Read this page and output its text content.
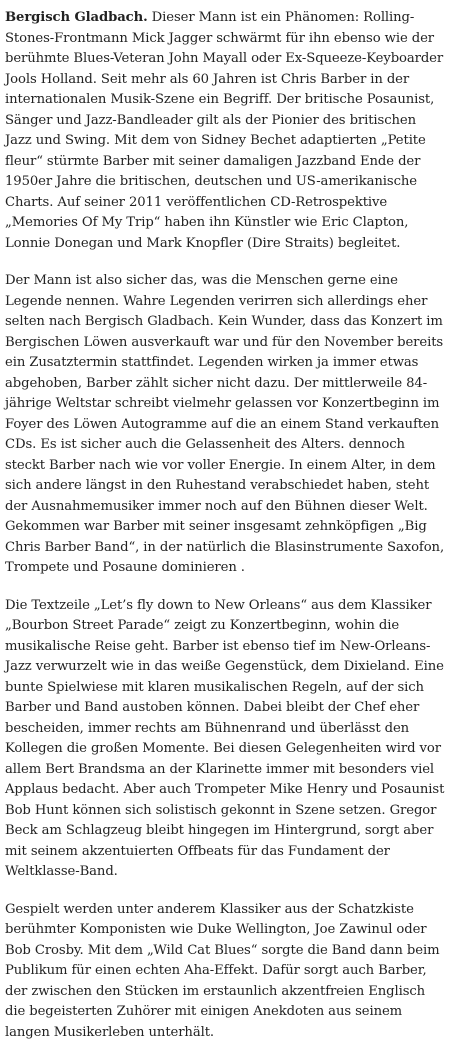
Bergisch Gladbach. Dieser Mann ist ein Phänomen: Rolling-Stones-Frontmann Mick Jagger schwärmt für ihn ebenso wie der berühmte Blues-Veteran John Mayall oder Ex-Squeeze-Keyboarder Jools Holland. Seit mehr als 60 Jahren ist Chris Barber in der internationalen Musik-Szene ein Begriff. Der britische Posaunist, Sänger und Jazz-Bandleader gilt als der Pionier des britischen Jazz und Swing. Mit dem von Sidney Bechet adaptierten „Petite fleur“ stürmte Barber mit seiner damaligen Jazzband Ende der 1950er Jahre die britischen, deutschen und US-amerikanische Charts. Auf seiner 2011 veröffentlichen CD-Retrospektive „Memories Of My Trip“ haben ihn Künstler wie Eric Clapton, Lonnie Donegan und Mark Knopfler (Dire Straits) begleitet.

Der Mann ist also sicher das, was die Menschen gerne eine Legende nennen. Wahre Legenden verirren sich allerdings eher selten nach Bergisch Gladbach. Kein Wunder, dass das Konzert im Bergischen Löwen ausverkauft war und für den November bereits ein Zusatztermin stattfindet. Legenden wirken ja immer etwas abgehoben, Barber zählt sicher nicht dazu. Der mittlerweile 84-jährige Weltstar schreibt vielmehr gelassen vor Konzertbeginn im Foyer des Löwen Autogramme auf die an einem Stand verkauften CDs. Es ist sicher auch die Gelassenheit des Alters. dennoch steckt Barber nach wie vor voller Energie. In einem Alter, in dem sich andere längst in den Ruhestand verabschiedet haben, steht der Ausnahmemusiker immer noch auf den Bühnen dieser Welt. Gekommen war Barber mit seiner insgesamt zehnköpfigen „Big Chris Barber Band“, in der natürlich die Blasinstrumente Saxofon, Trompete und Posaune dominieren .

Die Textzeile „Let’s fly down to New Orleans“ aus dem Klassiker „Bourbon Street Parade“ zeigt zu Konzertbeginn, wohin die musikalische Reise geht. Barber ist ebenso tief im New-Orleans-Jazz verwurzelt wie in das weiße Gegenstück, dem Dixieland. Eine bunte Spielwiese mit klaren musikalischen Regeln, auf der sich Barber und Band austoben können. Dabei bleibt der Chef eher bescheiden, immer rechts am Bühnenrand und überlässt den Kollegen die großen Momente. Bei diesen Gelegenheiten wird vor allem Bert Brandsma an der Klarinette immer mit besonders viel Applaus bedacht. Aber auch Trompeter Mike Henry und Posaunist Bob Hunt können sich solistisch gekonnt in Szene setzen. Gregor Beck am Schlagzeug bleibt hingegen im Hintergrund, sorgt aber mit seinem akzentuierten Offbeats für das Fundament der Weltklasse-Band.

Gespielt werden unter anderem Klassiker aus der Schatzkiste berühmter Komponisten wie Duke Wellington, Joe Zawinul oder Bob Crosby. Mit dem „Wild Cat Blues“ sorgte die Band dann beim Publikum für einen echten Aha-Effekt. Dafür sorgt auch Barber, der zwischen den Stücken im erstaunlich akzentfreien Englisch die begeisterten Zuhörer mit einigen Anekdoten aus seinem langen Musikerleben unterhält.
